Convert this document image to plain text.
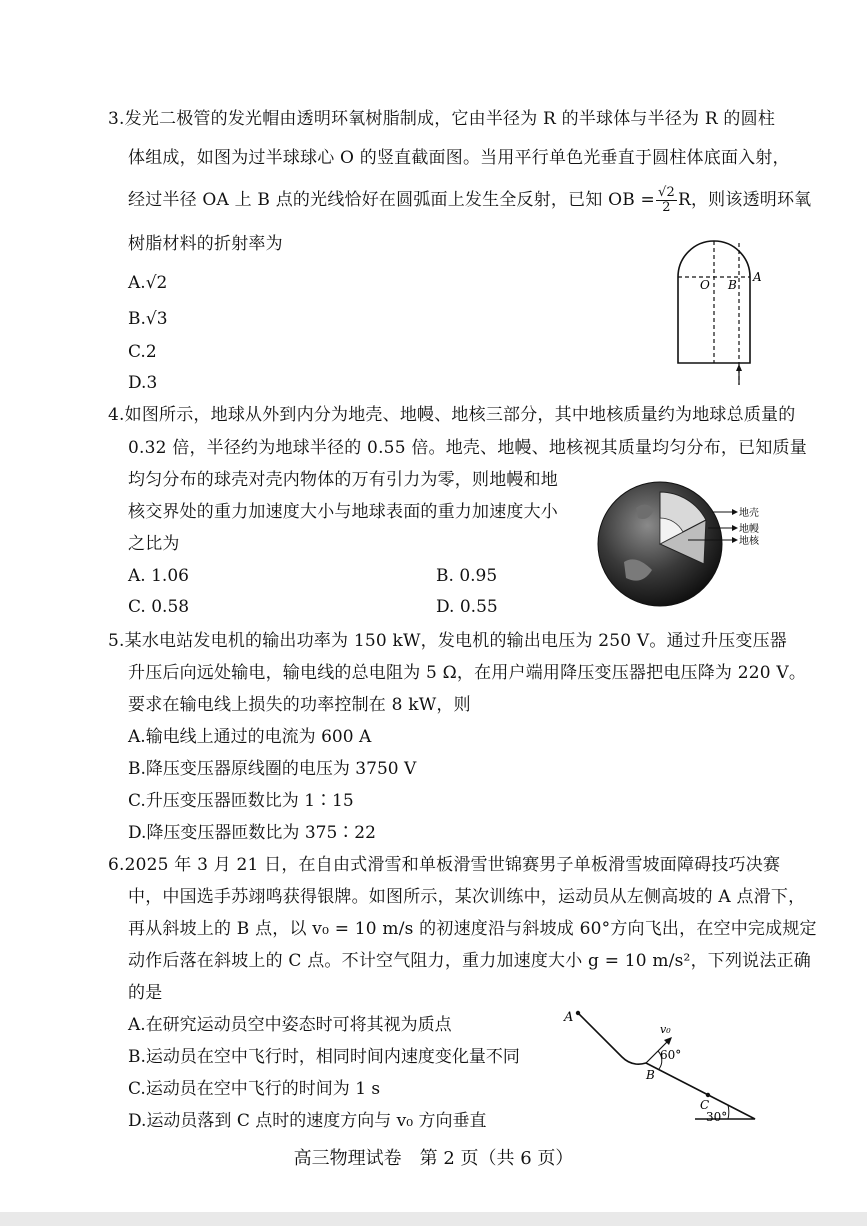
3.发光二极管的发光帽由透明环氧树脂制成，它由半径为 R 的半球体与半径为 R 的圆柱
体组成，如图为过半球球心 O 的竖直截面图。当用平行单色光垂直于圆柱体底面入射，
经过半径 OA 上 B 点的光线恰好在圆弧面上发生全反射，已知 OB = $\frac{√2}{2}$ R，则该透明环氧
树脂材料的折射率为
A.√2
B.√3
C.2
D.3
O B
A
4.如图所示，地球从外到内分为地壳、地幔、地核三部分，其中地核质量约为地球总质量的
0.32 倍，半径约为地球半径的 0.55 倍。地壳、地幔、地核视其质量均匀分布，已知质量
均匀分布的球壳对壳内物体的万有引力为零，则地幔和地
核交界处的重力加速度大小与地球表面的重力加速度大小
之比为
A. 1.06	B. 0.95
C. 0.58	D. 0.55
地壳
地幔
地核
5.某水电站发电机的输出功率为 150 kW，发电机的输出电压为 250 V。通过升压变压器
升压后向远处输电，输电线的总电阻为 5 Ω，在用户端用降压变压器把电压降为 220 V。
要求在输电线上损失的功率控制在 8 kW，则
A.输电线上通过的电流为 600 A
B.降压变压器原线圈的电压为 3750 V
C.升压变压器匝数比为 1∶15
D.降压变压器匝数比为 375∶22
6.2025 年 3 月 21 日，在自由式滑雪和单板滑雪世锦赛男子单板滑雪坡面障碍技巧决赛
中，中国选手苏翊鸣获得银牌。如图所示，某次训练中，运动员从左侧高坡的 A 点滑下，
再从斜坡上的 B 点，以 v₀ = 10 m/s 的初速度沿与斜坡成 60°方向飞出，在空中完成规定
动作后落在斜坡上的 C 点。不计空气阻力，重力加速度大小 g = 10 m/s²，下列说法正确
的是
A.在研究运动员空中姿态时可将其视为质点
B.运动员在空中飞行时，相同时间内速度变化量不同
C.运动员在空中飞行的时间为 1 s
D.运动员落到 C 点时的速度方向与 v₀ 方向垂直
A
v₀
60°
B
C
30°
高三物理试卷　第 2 页（共 6 页）
